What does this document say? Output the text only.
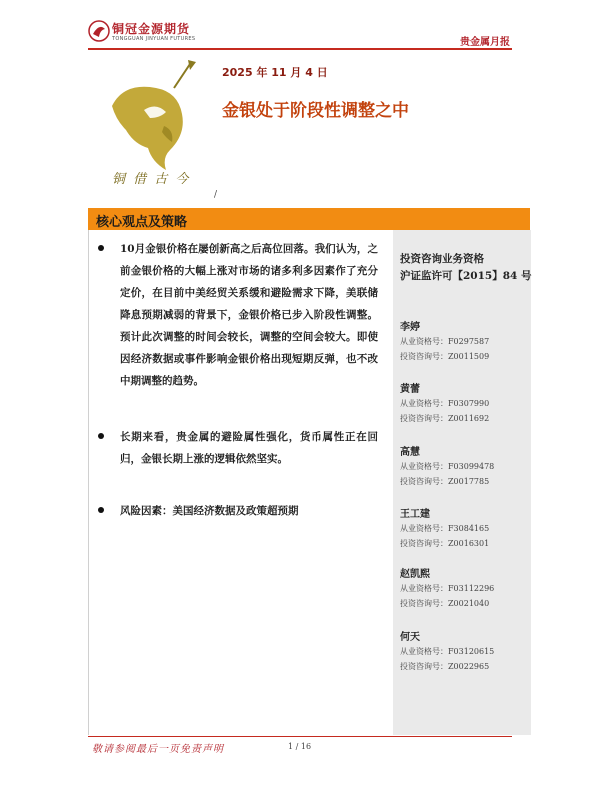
铜冠金源期货
TONGGUAN JINYUAN FUTURES	贵金属月报
铜 借 古 今
/
2025 年 11 月 4 日
金银处于阶段性调整之中
核心观点及策略
10月金银价格在屡创新高之后高位回落。我们认为，之前金银价格的大幅上涨对市场的诸多利多因素作了充分定价，在目前中美经贸关系缓和避险需求下降，美联储降息预期减弱的背景下，金银价格已步入阶段性调整。预计此次调整的时间会较长，调整的空间会较大。即使因经济数据或事件影响金银价格出现短期反弹，也不改中期调整的趋势。
长期来看，贵金属的避险属性强化，货币属性正在回归，金银长期上涨的逻辑依然坚实。
风险因素：美国经济数据及政策超预期
投资咨询业务资格
沪证监许可【2015】84 号
李婷
从业资格号：F0297587
投资咨询号：Z0011509
黄蕾
从业资格号：F0307990
投资咨询号：Z0011692
高慧
从业资格号：F03099478
投资咨询号：Z0017785
王工建
从业资格号：F3084165
投资咨询号：Z0016301
赵凯熙
从业资格号：F03112296
投资咨询号：Z0021040
何天
从业资格号：F03120615
投资咨询号：Z0022965
敬请参阅最后一页免责声明	1 / 16
